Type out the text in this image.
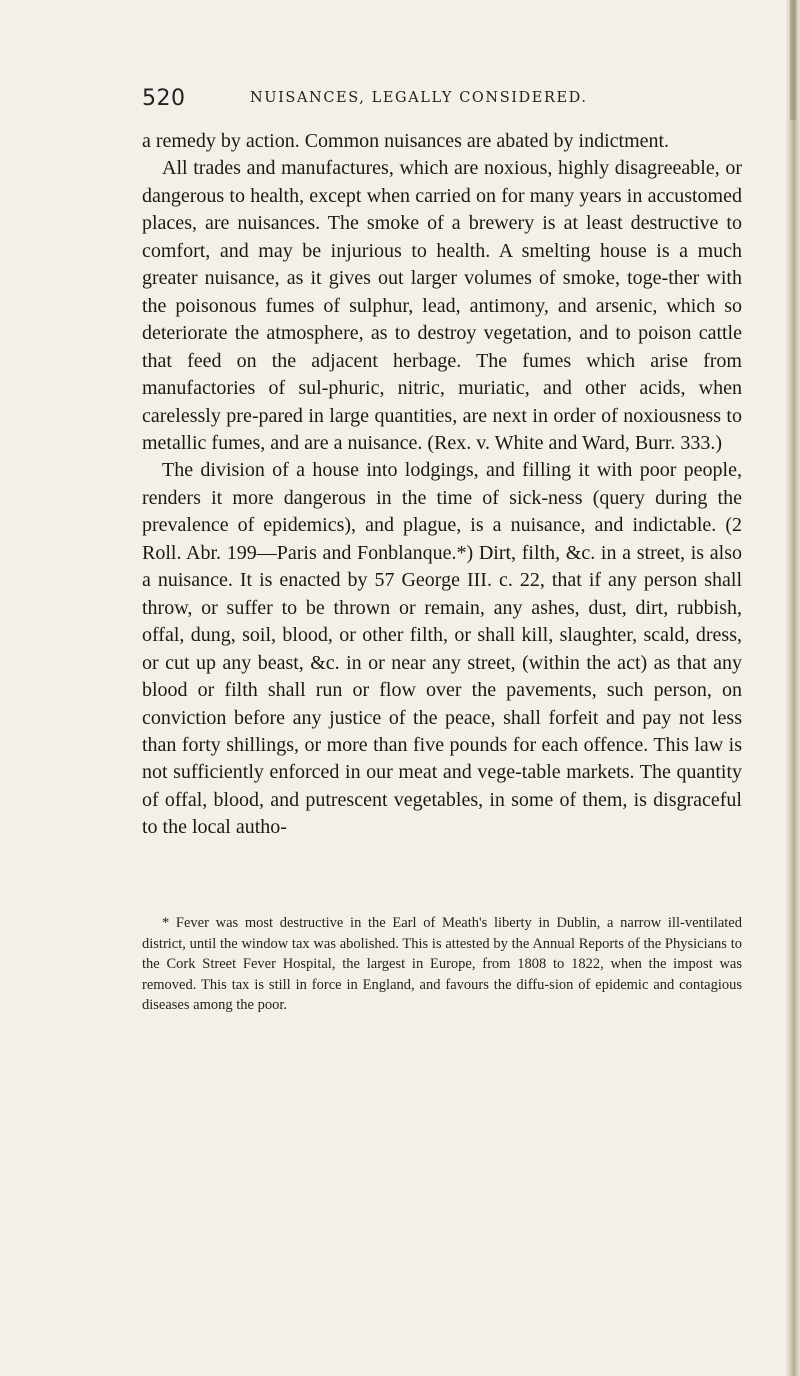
520	NUISANCES, LEGALLY CONSIDERED.

a remedy by action. Common nuisances are abated by indictment.

All trades and manufactures, which are noxious, highly disagreeable, or dangerous to health, except when carried on for many years in accustomed places, are nuisances. The smoke of a brewery is at least destructive to comfort, and may be injurious to health. A smelting house is a much greater nuisance, as it gives out larger volumes of smoke, toge-ther with the poisonous fumes of sulphur, lead, antimony, and arsenic, which so deteriorate the atmosphere, as to destroy vegetation, and to poison cattle that feed on the adjacent herbage. The fumes which arise from manufactories of sul-phuric, nitric, muriatic, and other acids, when carelessly pre-pared in large quantities, are next in order of noxiousness to metallic fumes, and are a nuisance. (Rex. v. White and Ward, Burr. 333.)

The division of a house into lodgings, and filling it with poor people, renders it more dangerous in the time of sick-ness (query during the prevalence of epidemics), and plague, is a nuisance, and indictable. (2 Roll. Abr. 199—Paris and Fonblanque.*) Dirt, filth, &c. in a street, is also a nuisance. It is enacted by 57 George III. c. 22, that if any person shall throw, or suffer to be thrown or remain, any ashes, dust, dirt, rubbish, offal, dung, soil, blood, or other filth, or shall kill, slaughter, scald, dress, or cut up any beast, &c. in or near any street, (within the act) as that any blood or filth shall run or flow over the pavements, such person, on conviction before any justice of the peace, shall forfeit and pay not less than forty shillings, or more than five pounds for each offence. This law is not sufficiently enforced in our meat and vege-table markets. The quantity of offal, blood, and putrescent vegetables, in some of them, is disgraceful to the local autho-

* Fever was most destructive in the Earl of Meath's liberty in Dublin, a narrow ill-ventilated district, until the window tax was abolished. This is attested by the Annual Reports of the Physicians to the Cork Street Fever Hospital, the largest in Europe, from 1808 to 1822, when the impost was removed. This tax is still in force in England, and favours the diffu-sion of epidemic and contagious diseases among the poor.
